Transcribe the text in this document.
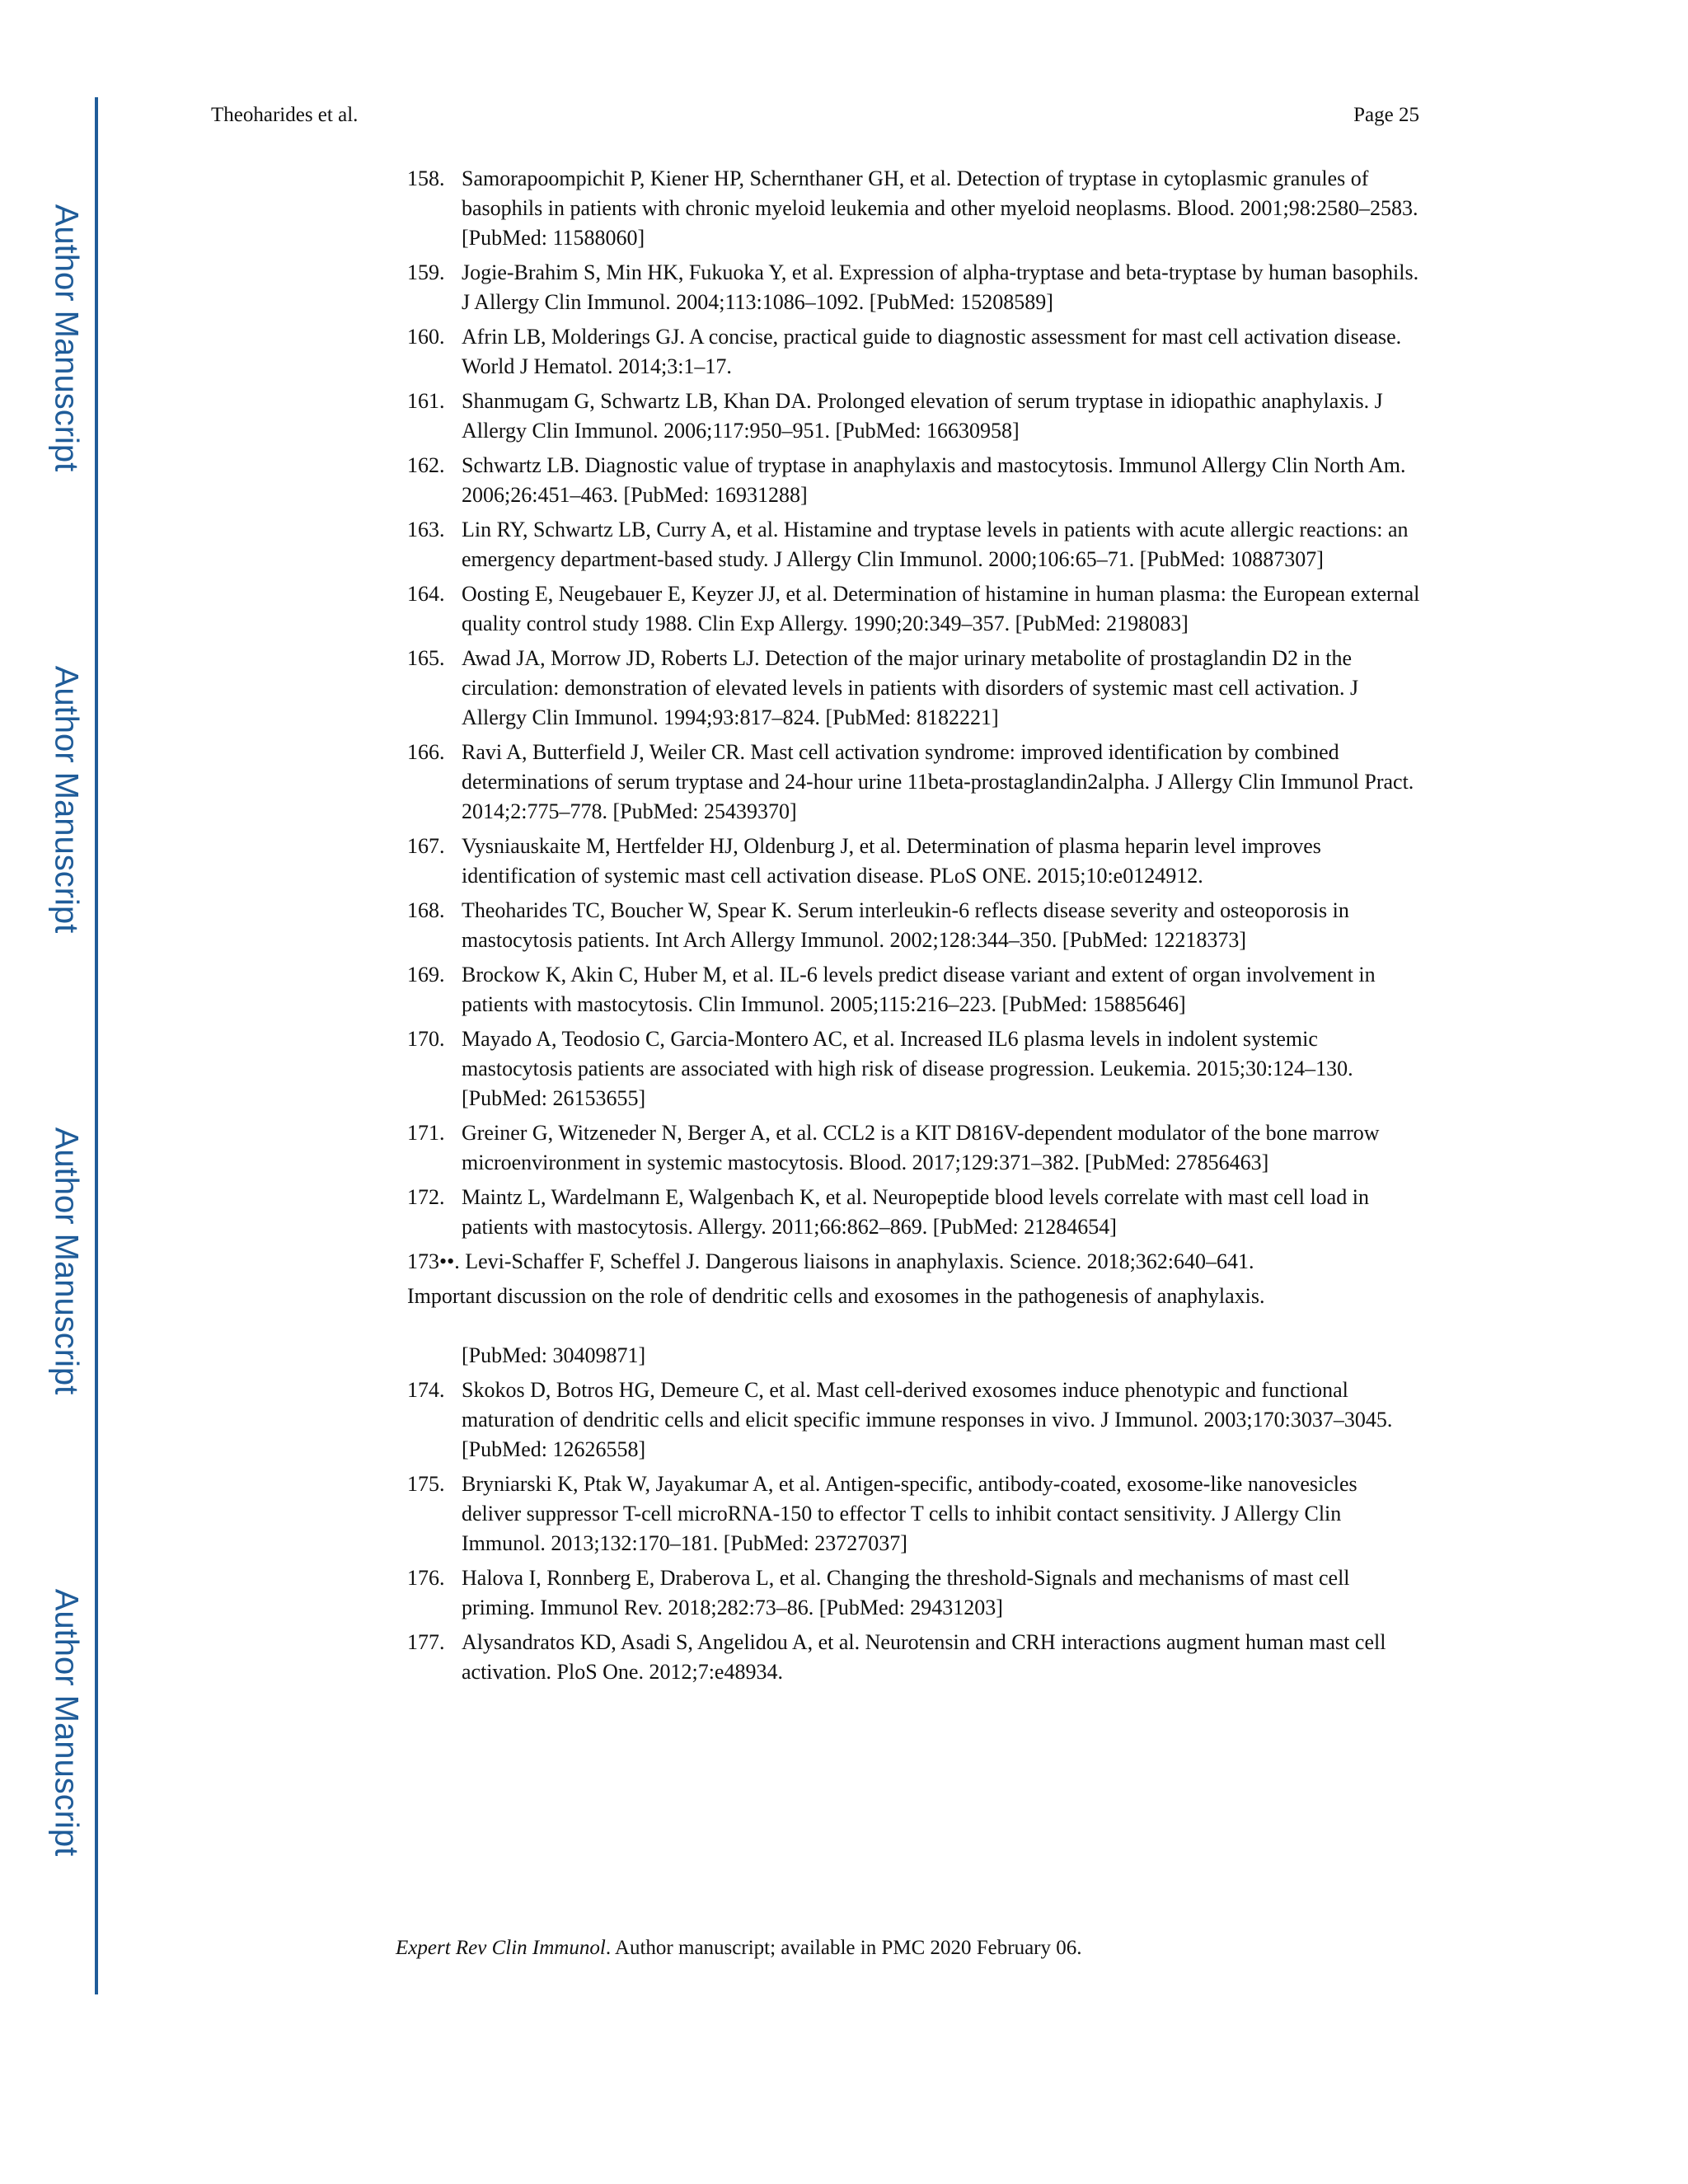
Author Manuscript
Author Manuscript
Author Manuscript
Author Manuscript
Theoharides et al.	Page 25
158. Samorapoompichit P, Kiener HP, Schernthaner GH, et al. Detection of tryptase in cytoplasmic granules of basophils in patients with chronic myeloid leukemia and other myeloid neoplasms. Blood. 2001;98:2580–2583. [PubMed: 11588060]
159. Jogie-Brahim S, Min HK, Fukuoka Y, et al. Expression of alpha-tryptase and beta-tryptase by human basophils. J Allergy Clin Immunol. 2004;113:1086–1092. [PubMed: 15208589]
160. Afrin LB, Molderings GJ. A concise, practical guide to diagnostic assessment for mast cell activation disease. World J Hematol. 2014;3:1–17.
161. Shanmugam G, Schwartz LB, Khan DA. Prolonged elevation of serum tryptase in idiopathic anaphylaxis. J Allergy Clin Immunol. 2006;117:950–951. [PubMed: 16630958]
162. Schwartz LB. Diagnostic value of tryptase in anaphylaxis and mastocytosis. Immunol Allergy Clin North Am. 2006;26:451–463. [PubMed: 16931288]
163. Lin RY, Schwartz LB, Curry A, et al. Histamine and tryptase levels in patients with acute allergic reactions: an emergency department-based study. J Allergy Clin Immunol. 2000;106:65–71. [PubMed: 10887307]
164. Oosting E, Neugebauer E, Keyzer JJ, et al. Determination of histamine in human plasma: the European external quality control study 1988. Clin Exp Allergy. 1990;20:349–357. [PubMed: 2198083]
165. Awad JA, Morrow JD, Roberts LJ. Detection of the major urinary metabolite of prostaglandin D2 in the circulation: demonstration of elevated levels in patients with disorders of systemic mast cell activation. J Allergy Clin Immunol. 1994;93:817–824. [PubMed: 8182221]
166. Ravi A, Butterfield J, Weiler CR. Mast cell activation syndrome: improved identification by combined determinations of serum tryptase and 24-hour urine 11beta-prostaglandin2alpha. J Allergy Clin Immunol Pract. 2014;2:775–778. [PubMed: 25439370]
167. Vysniauskaite M, Hertfelder HJ, Oldenburg J, et al. Determination of plasma heparin level improves identification of systemic mast cell activation disease. PLoS ONE. 2015;10:e0124912.
168. Theoharides TC, Boucher W, Spear K. Serum interleukin-6 reflects disease severity and osteoporosis in mastocytosis patients. Int Arch Allergy Immunol. 2002;128:344–350. [PubMed: 12218373]
169. Brockow K, Akin C, Huber M, et al. IL-6 levels predict disease variant and extent of organ involvement in patients with mastocytosis. Clin Immunol. 2005;115:216–223. [PubMed: 15885646]
170. Mayado A, Teodosio C, Garcia-Montero AC, et al. Increased IL6 plasma levels in indolent systemic mastocytosis patients are associated with high risk of disease progression. Leukemia. 2015;30:124–130. [PubMed: 26153655]
171. Greiner G, Witzeneder N, Berger A, et al. CCL2 is a KIT D816V-dependent modulator of the bone marrow microenvironment in systemic mastocytosis. Blood. 2017;129:371–382. [PubMed: 27856463]
172. Maintz L, Wardelmann E, Walgenbach K, et al. Neuropeptide blood levels correlate with mast cell load in patients with mastocytosis. Allergy. 2011;66:862–869. [PubMed: 21284654]
173••. Levi-Schaffer F, Scheffel J. Dangerous liaisons in anaphylaxis. Science. 2018;362:640–641.
Important discussion on the role of dendritic cells and exosomes in the pathogenesis of anaphylaxis.
[PubMed: 30409871]
174. Skokos D, Botros HG, Demeure C, et al. Mast cell-derived exosomes induce phenotypic and functional maturation of dendritic cells and elicit specific immune responses in vivo. J Immunol. 2003;170:3037–3045. [PubMed: 12626558]
175. Bryniarski K, Ptak W, Jayakumar A, et al. Antigen-specific, antibody-coated, exosome-like nanovesicles deliver suppressor T-cell microRNA-150 to effector T cells to inhibit contact sensitivity. J Allergy Clin Immunol. 2013;132:170–181. [PubMed: 23727037]
176. Halova I, Ronnberg E, Draberova L, et al. Changing the threshold-Signals and mechanisms of mast cell priming. Immunol Rev. 2018;282:73–86. [PubMed: 29431203]
177. Alysandratos KD, Asadi S, Angelidou A, et al. Neurotensin and CRH interactions augment human mast cell activation. PloS One. 2012;7:e48934.
Expert Rev Clin Immunol. Author manuscript; available in PMC 2020 February 06.
